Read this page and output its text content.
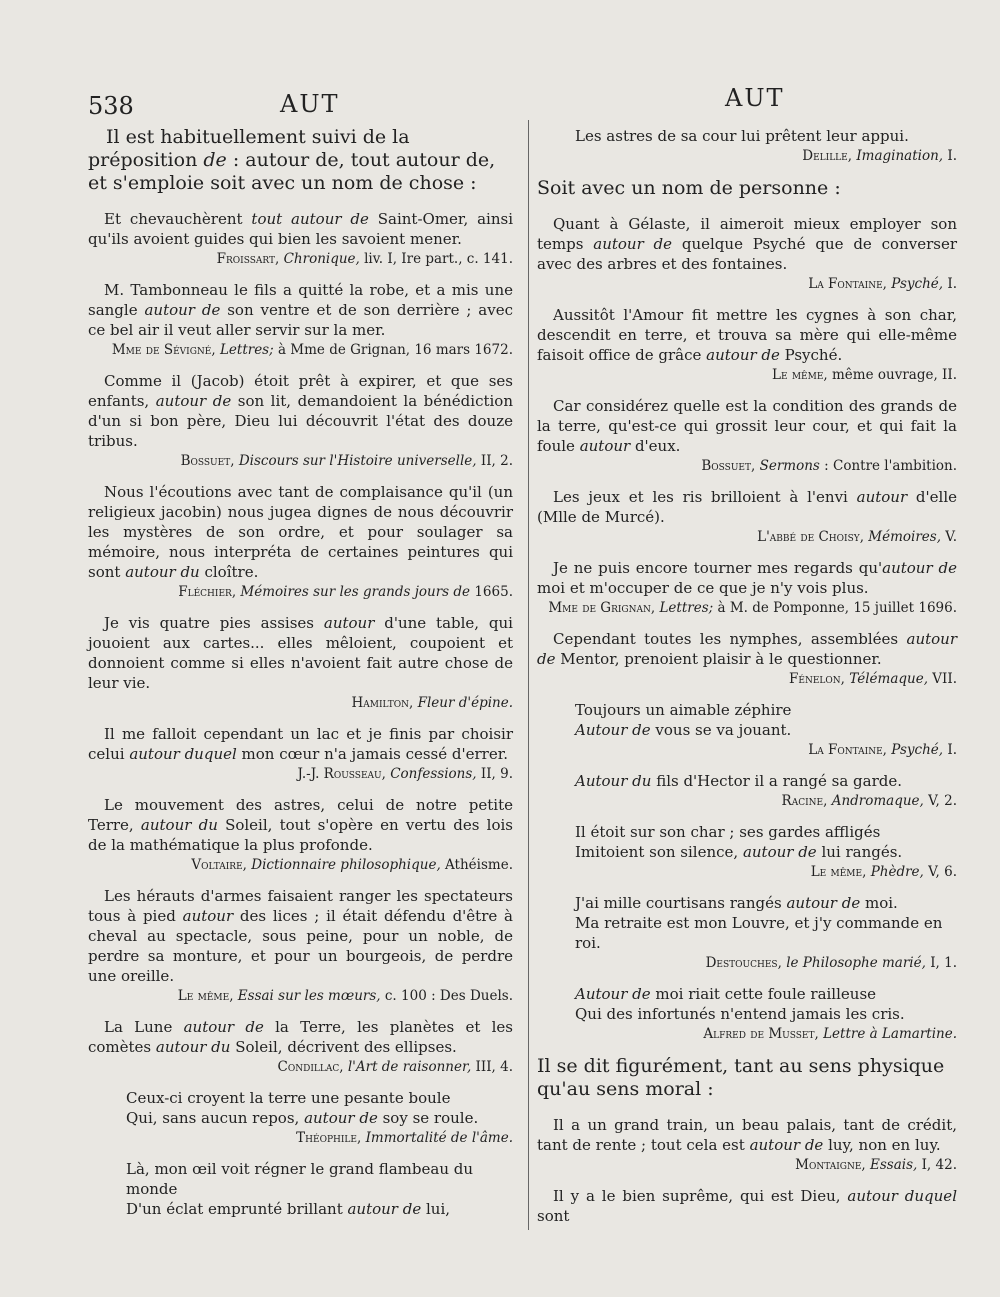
538	AUT	AUT
Il est habituellement suivi de la préposition de : autour de, tout autour de, et s'emploie soit avec un nom de chose :

Et chevauchèrent tout autour de Saint-Omer, ainsi qu'ils avoient guides qui bien les savoient mener.

Froissart, Chronique, liv. I, Ire part., c. 141.

M. Tambonneau le fils a quitté la robe, et a mis une sangle autour de son ventre et de son derrière ; avec ce bel air il veut aller servir sur la mer.

Mme de Sévigné, Lettres; à Mme de Grignan, 16 mars 1672.

Comme il (Jacob) étoit prêt à expirer, et que ses enfants, autour de son lit, demandoient la bénédiction d'un si bon père, Dieu lui découvrit l'état des douze tribus.

Bossuet, Discours sur l'Histoire universelle, II, 2.

Nous l'écoutions avec tant de complaisance qu'il (un religieux jacobin) nous jugea dignes de nous découvrir les mystères de son ordre, et pour soulager sa mémoire, nous interpréta de certaines peintures qui sont autour du cloître.

Fléchier, Mémoires sur les grands jours de 1665.

Je vis quatre pies assises autour d'une table, qui jouoient aux cartes... elles mêloient, coupoient et donnoient comme si elles n'avoient fait autre chose de leur vie.

Hamilton, Fleur d'épine.

Il me falloit cependant un lac et je finis par choisir celui autour duquel mon cœur n'a jamais cessé d'errer.

J.-J. Rousseau, Confessions, II, 9.

Le mouvement des astres, celui de notre petite Terre, autour du Soleil, tout s'opère en vertu des lois de la mathématique la plus profonde.

Voltaire, Dictionnaire philosophique, Athéisme.

Les hérauts d'armes faisaient ranger les spectateurs tous à pied autour des lices ; il était défendu d'être à cheval au spectacle, sous peine, pour un noble, de perdre sa monture, et pour un bourgeois, de perdre une oreille.

Le même, Essai sur les mœurs, c. 100 : Des Duels.

La Lune autour de la Terre, les planètes et les comètes autour du Soleil, décrivent des ellipses.

Condillac, l'Art de raisonner, III, 4.
Ceux-ci croyent la terre une pesante boule
Qui, sans aucun repos, autour de soy se roule.
Théophile, Immortalité de l'âme.
Là, mon œil voit régner le grand flambeau du monde
D'un éclat emprunté brillant autour de lui,
Les astres de sa cour lui prêtent leur appui.
Delille, Imagination, I.
Soit avec un nom de personne :

Quant à Gélaste, il aimeroit mieux employer son temps autour de quelque Psyché que de converser avec des arbres et des fontaines.

La Fontaine, Psyché, I.

Aussitôt l'Amour fit mettre les cygnes à son char, descendit en terre, et trouva sa mère qui elle-même faisoit office de grâce autour de Psyché.

Le même, même ouvrage, II.

Car considérez quelle est la condition des grands de la terre, qu'est-ce qui grossit leur cour, et qui fait la foule autour d'eux.

Bossuet, Sermons : Contre l'ambition.

Les jeux et les ris brilloient à l'envi autour d'elle (Mlle de Murcé).

L'abbé de Choisy, Mémoires, V.

Je ne puis encore tourner mes regards qu'autour de moi et m'occuper de ce que je n'y vois plus.

Mme de Grignan, Lettres; à M. de Pomponne, 15 juillet 1696.

Cependant toutes les nymphes, assemblées autour de Mentor, prenoient plaisir à le questionner.

Fénelon, Télémaque, VII.
Toujours un aimable zéphire
Autour de vous se va jouant.
La Fontaine, Psyché, I.
Autour du fils d'Hector il a rangé sa garde.
Racine, Andromaque, V, 2.
Il étoit sur son char ; ses gardes affligés
Imitoient son silence, autour de lui rangés.
Le même, Phèdre, V, 6.
J'ai mille courtisans rangés autour de moi.
Ma retraite est mon Louvre, et j'y commande en roi.
Destouches, le Philosophe marié, I, 1.
Autour de moi riait cette foule railleuse
Qui des infortunés n'entend jamais les cris.
Alfred de Musset, Lettre à Lamartine.
Il se dit figurément, tant au sens physique qu'au sens moral :

Il a un grand train, un beau palais, tant de crédit, tant de rente ; tout cela est autour de luy, non en luy.

Montaigne, Essais, I, 42.

Il y a le bien suprême, qui est Dieu, autour duquel sont
